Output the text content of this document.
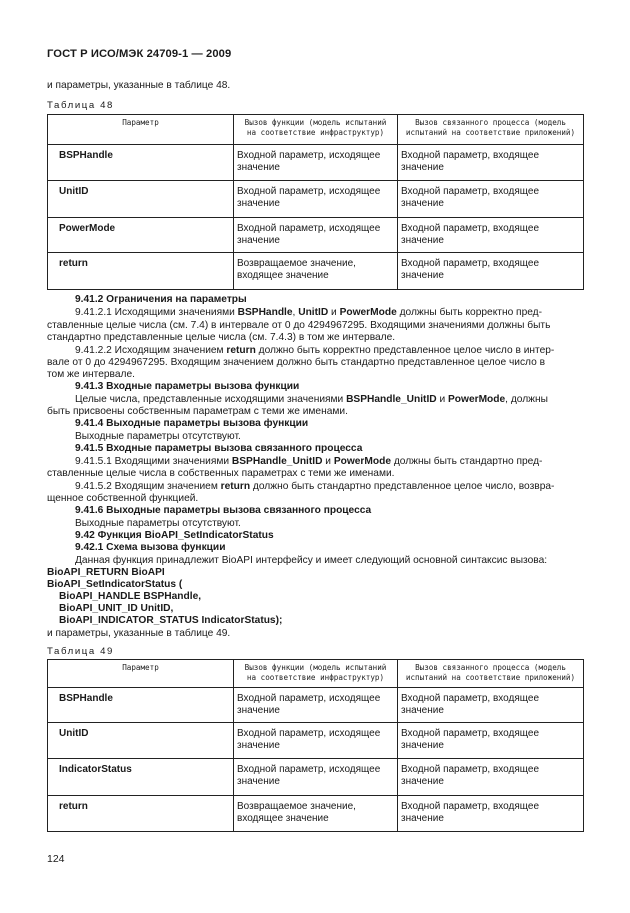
ГОСТ Р ИСО/МЭК 24709-1 — 2009
и параметры, указанные в таблице 48.
Таблица 48
Параметр	Вызов функции (модель испытаний на соответствие инфраструктур)	Вызов связанного процесса (модель испытаний на соответствие приложений)
BSPHandle	Входной параметр, исходящее значение	Входной параметр, входящее значение
UnitID	Входной параметр, исходящее значение	Входной параметр, входящее значение
PowerMode	Входной параметр, исходящее значение	Входной параметр, входящее значение
return	Возвращаемое значение, входящее значение	Входной параметр, входящее значение
9.41.2 Ограничения на параметры
9.41.2.1 Исходящими значениями BSPHandle, UnitID и PowerMode должны быть корректно пред-
ставленные целые числа (см. 7.4) в интервале от 0 до 4294967295. Входящими значениями должны быть
стандартно представленные целые числа (см. 7.4.3) в том же интервале.
9.41.2.2 Исходящим значением return должно быть корректно представленное целое число в интер-
вале от 0 до 4294967295. Входящим значением должно быть стандартно представленное целое число в
том же интервале.
9.41.3 Входные параметры вызова функции
Целые числа, представленные исходящими значениями BSPHandle_UnitID и PowerMode, должны
быть присвоены собственным параметрам с теми же именами.
9.41.4 Выходные параметры вызова функции
Выходные параметры отсутствуют.
9.41.5 Входные параметры вызова связанного процесса
9.41.5.1 Входящими значениями BSPHandle_UnitID и PowerMode должны быть стандартно пред-
ставленные целые числа в собственных параметрах с теми же именами.
9.41.5.2 Входящим значением return должно быть стандартно представленное целое число, возвра-
щенное собственной функцией.
9.41.6 Выходные параметры вызова связанного процесса
Выходные параметры отсутствуют.
9.42 Функция BioAPI_SetIndicatorStatus
9.42.1 Схема вызова функции
Данная функция принадлежит BioAPI интерфейсу и имеет следующий основной синтаксис вызова:
BioAPI_RETURN BioAPI
BioAPI_SetIndicatorStatus (
BioAPI_HANDLE BSPHandle,
BioAPI_UNIT_ID UnitID,
BioAPI_INDICATOR_STATUS IndicatorStatus);
и параметры, указанные в таблице 49.
Таблица 49
Параметр	Вызов функции (модель испытаний на соответствие инфраструктур)	Вызов связанного процесса (модель испытаний на соответствие приложений)
BSPHandle	Входной параметр, исходящее значение	Входной параметр, входящее значение
UnitID	Входной параметр, исходящее значение	Входной параметр, входящее значение
IndicatorStatus	Входной параметр, исходящее значение	Входной параметр, входящее значение
return	Возвращаемое значение, входящее значение	Входной параметр, входящее значение
124
